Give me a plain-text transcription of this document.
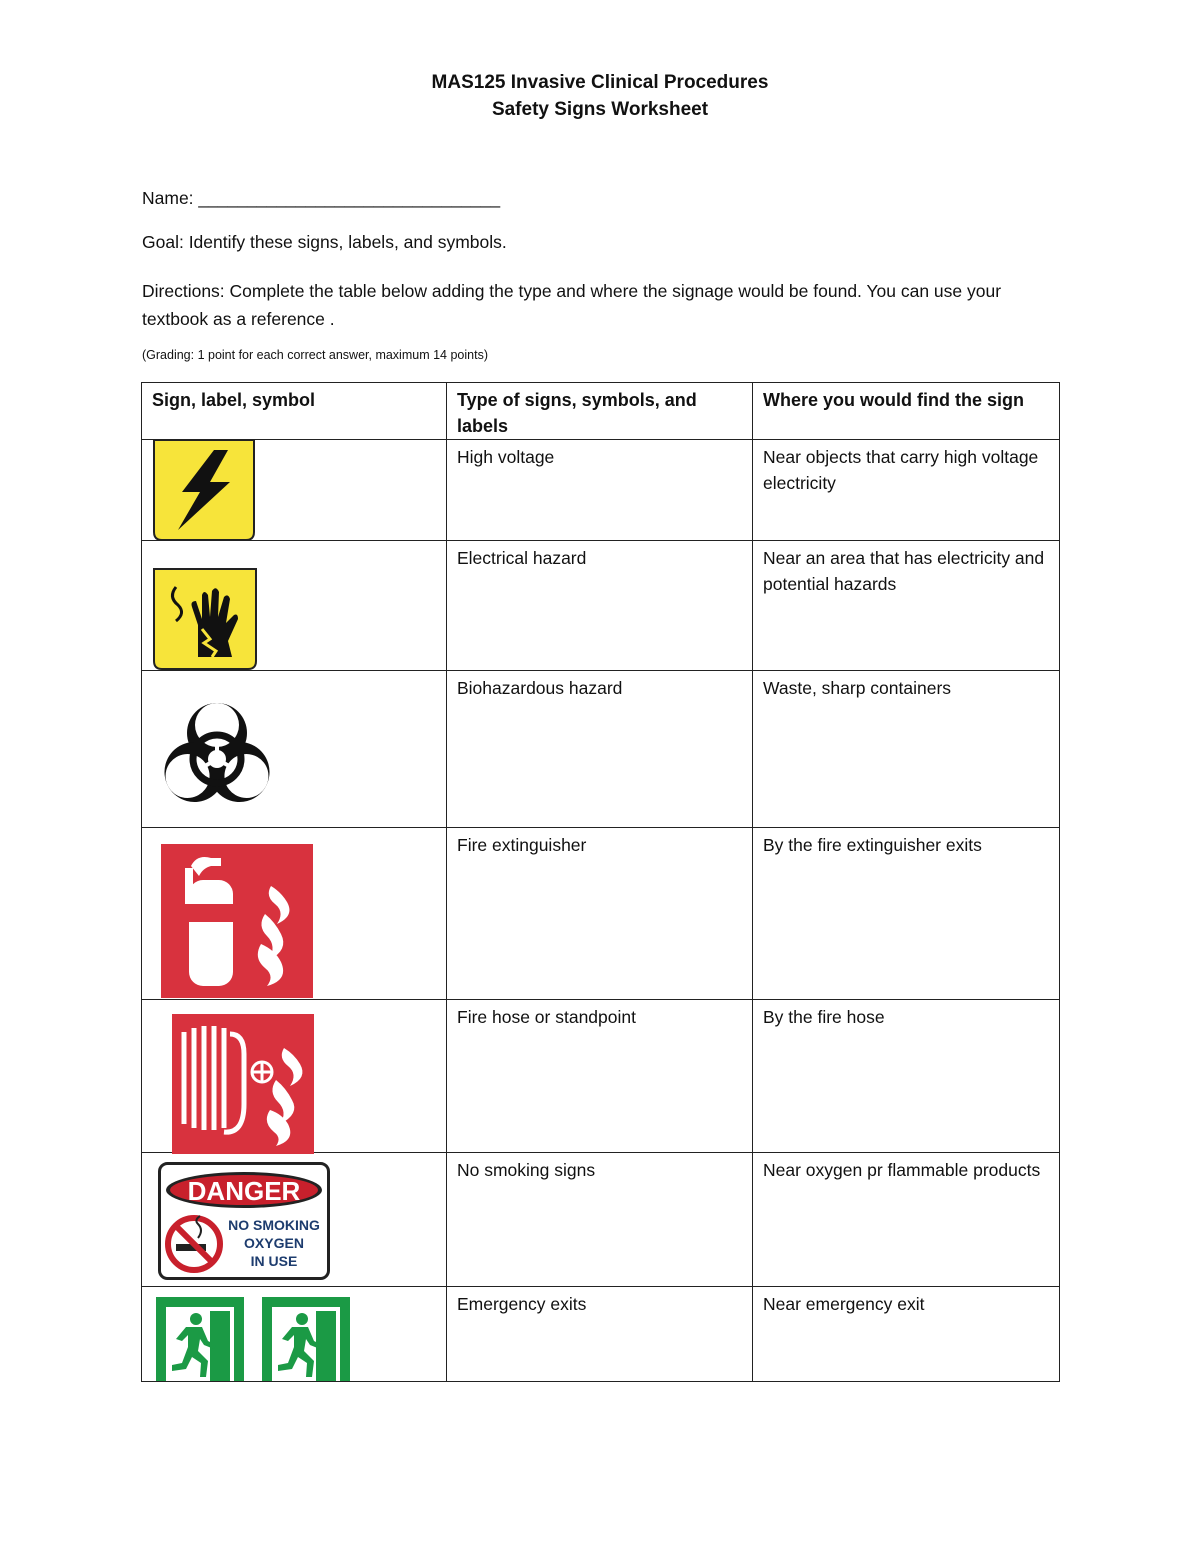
MAS125 Invasive Clinical Procedures
Safety Signs Worksheet
Name: _______________________________
Goal: Identify these signs, labels, and symbols.
Directions: Complete the table below adding the type and where the signage would be found. You can use your textbook as a reference .
(Grading: 1 point for each correct answer, maximum 14 points)
Sign, label, symbol	Type of signs, symbols, and labels	Where you would find the sign

	High voltage	Near objects that carry high voltage electricity

	Electrical hazard	Near an area that has electricity and potential hazards

	Biohazardous hazard	Waste, sharp containers

	Fire extinguisher	By the fire extinguisher exits

	Fire hose or standpoint	By the fire hose

DANGER
NO SMOKING
OXYGEN
IN USE	No smoking signs	Near oxygen pr flammable products

	Emergency exits	Near emergency exit
